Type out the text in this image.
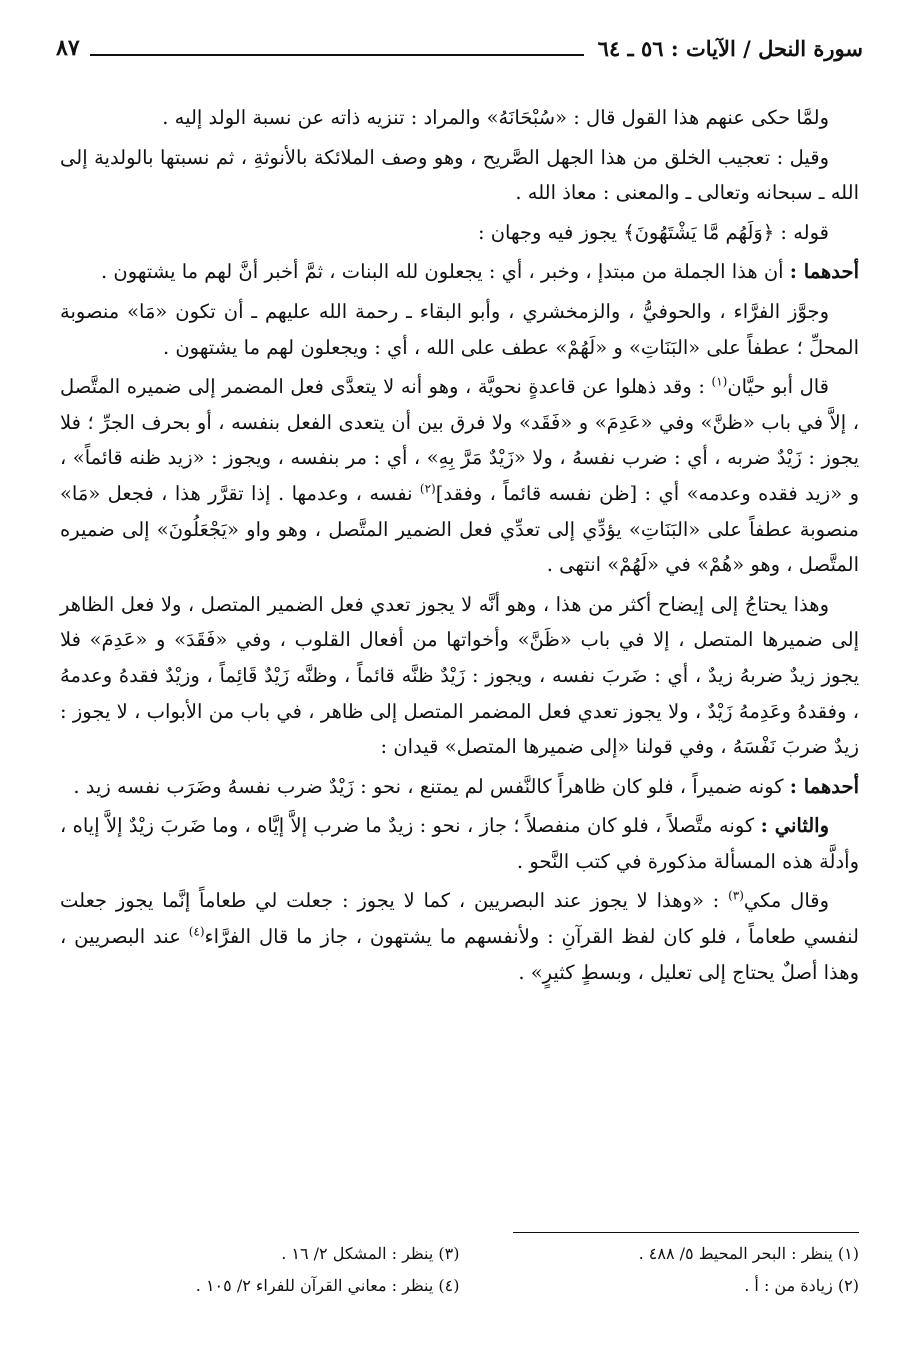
سورة النحل / الآيات : ٥٦ ـ ٦٤
٨٧

ولمَّا حكى عنهم هذا القول قال : «سُبْحَانَهُ» والمراد : تنزيه ذاته عن نسبة الولد إليه .

وقيل : تعجيب الخلق من هذا الجهل الصَّريح ، وهو وصف الملائكة بالأنوثةِ ، ثم نسبتها بالولدية إلى الله ـ سبحانه وتعالى ـ والمعنى : معاذ الله .

قوله : ﴿وَلَهُم مَّا يَشْتَهُونَ﴾ يجوز فيه وجهان :

أحدهما : أن هذا الجملة من مبتدإ ، وخبر ، أي : يجعلون لله البنات ، ثمَّ أخبر أنَّ لهم ما يشتهون .

وجوَّز الفرَّاء ، والحوفيُّ ، والزمخشري ، وأبو البقاء ـ رحمة الله عليهم ـ أن تكون «مَا» منصوبة المحلِّ ؛ عطفاً على «البَنَاتِ» و «لَهُمْ» عطف على الله ، أي : ويجعلون لهم ما يشتهون .

قال أبو حيَّان$^{(١)}$ : وقد ذهلوا عن قاعدةٍ نحويَّة ، وهو أنه لا يتعدَّى فعل المضمر إلى ضميره المتَّصل ، إلاَّ في باب «ظنَّ» وفي «عَدِمَ» و «فَقَد» ولا فرق بين أن يتعدى الفعل بنفسه ، أو بحرف الجرِّ ؛ فلا يجوز : زَيْدٌ ضربه ، أي : ضرب نفسهُ ، ولا «زَيْدٌ مَرَّ بِهِ» ، أي : مر بنفسه ، ويجوز : «زيد ظنه قائماً» ، و «زيد فقده وعدمه» أي : [ظن نفسه قائماً ، وفقد]$^{(٢)}$ نفسه ، وعدمها . إذا تقرَّر هذا ، فجعل «مَا» منصوبة عطفاً على «البَنَاتِ» يؤدِّي إلى تعدِّي فعل الضمير المتَّصل ، وهو واو «يَجْعَلُونَ» إلى ضميره المتَّصل ، وهو «هُمْ» في «لَهُمْ» انتهى .

وهذا يحتاجُ إلى إيضاح أكثر من هذا ، وهو أنَّه لا يجوز تعدي فعل الضمير المتصل ، ولا فعل الظاهر إلى ضميرها المتصل ، إلا في باب «ظَنَّ» وأخواتها من أفعال القلوب ، وفي «فَقَدَ» و «عَدِمَ» فلا يجوز زيدٌ ضربهُ زيدٌ ، أي : ضَربَ نفسه ، ويجوز : زَيْدٌ ظنَّه قائماً ، وظنَّه زَيْدٌ قَائِماً ، وزيْدٌ فقدهُ وعدمهُ ، وفقدهُ وعَدِمهُ زَيْدٌ ، ولا يجوز تعدي فعل المضمر المتصل إلى ظاهر ، في باب من الأبواب ، لا يجوز : زيدٌ ضربَ نَفْسَهُ ، وفي قولنا «إلى ضميرها المتصل» قيدان :

أحدهما : كونه ضميراً ، فلو كان ظاهراً كالنَّفس لم يمتنع ، نحو : زَيْدٌ ضرب نفسهُ وضَرَب نفسه زيد .

والثاني : كونه متَّصلاً ، فلو كان منفصلاً ؛ جاز ، نحو : زيدٌ ما ضرب إلاَّ إيَّاه ، وما ضَربَ زيْدٌ إلاَّ إياه ، وأدلَّة هذه المسألة مذكورة في كتب النَّحو .

وقال مكي$^{(٣)}$ : «وهذا لا يجوز عند البصريين ، كما لا يجوز : جعلت لي طعاماً إنَّما يجوز جعلت لنفسي طعاماً ، فلو كان لفظ القرآنِ : ولأنفسهم ما يشتهون ، جاز ما قال الفرَّاء$^{(٤)}$ عند البصريين ، وهذا أصلٌ يحتاج إلى تعليل ، وبسطٍ كثيرٍ» .

(١) ينظر : البحر المحيط ٥/ ٤٨٨ .
(٣) ينظر : المشكل ٢/ ١٦ .
(٢) زيادة من : أ .
(٤) ينظر : معاني القرآن للفراء ٢/ ١٠٥ .
